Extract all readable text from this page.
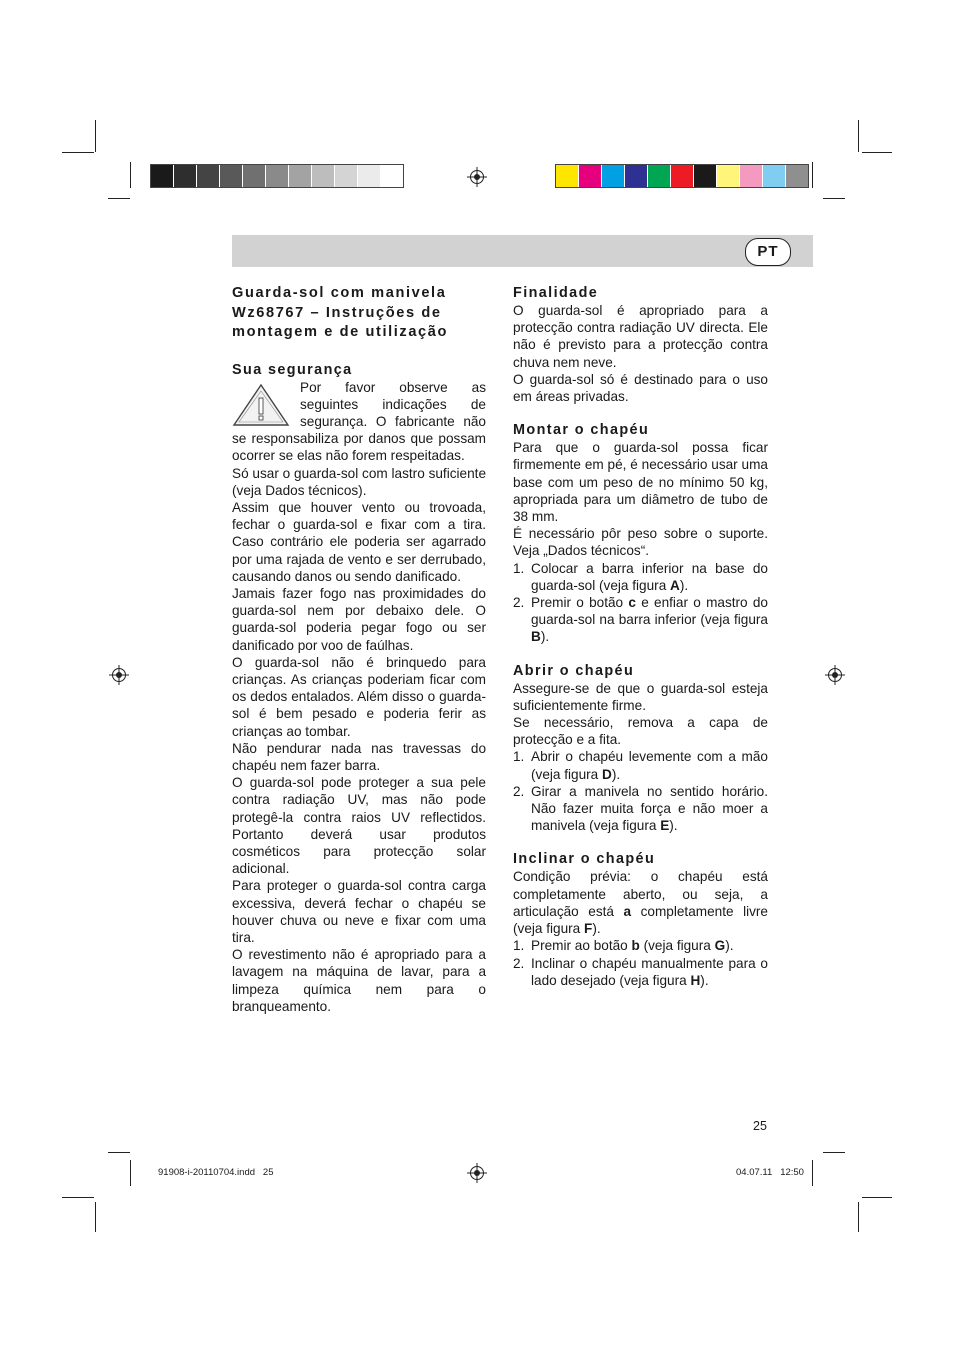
PT
Guarda-sol com manivela
Wz68767 – Instruções de
montagem e de utilização
Sua segurança

Por favor observe as seguintes indicações de segurança. O fabricante não se responsabiliza por danos que possam ocorrer se elas não forem respeitadas.

Só usar o guarda-sol com lastro suficiente (veja Dados técnicos).

Assim que houver vento ou trovoada, fechar o guarda-sol e fixar com a tira. Caso contrário ele poderia ser agarrado por uma rajada de vento e ser derrubado, causando danos ou sendo danificado.

Jamais fazer fogo nas proximidades do guarda-sol nem por debaixo dele. O guarda-sol poderia pegar fogo ou ser danificado por voo de faúlhas.

O guarda-sol não é brinquedo para crianças. As crianças poderiam ficar com os dedos entalados. Além disso o guarda-sol é bem pesado e poderia ferir as crianças ao tombar.

Não pendurar nada nas travessas do chapéu nem fazer barra.

O guarda-sol pode proteger a sua pele contra radiação UV, mas não pode protegê-la contra raios UV reflectidos. Portanto deverá usar produtos cosméticos para protecção solar adicional.

Para proteger o guarda-sol contra carga excessiva, deverá fechar o chapéu se houver chuva ou neve e fixar com uma tira.

O revestimento não é apropriado para a lavagem na máquina de lavar, para a limpeza química nem para o branqueamento.

Finalidade

O guarda-sol é apropriado para a protecção contra radiação UV directa. Ele não é previsto para a protecção contra chuva nem neve.

O guarda-sol só é destinado para o uso em áreas privadas.

Montar o chapéu

Para que o guarda-sol possa ficar firmemente em pé, é necessário usar uma base com um peso de no mínimo 50 kg, apropriada para um diâmetro de tubo de 38 mm.

É necessário pôr peso sobre o suporte. Veja „Dados técnicos“.

1. Colocar a barra inferior na base do guarda-sol (veja figura A).
2. Premir o botão c e enfiar o mastro do guarda-sol na barra inferior (veja figura B).
Abrir o chapéu

Assegure-se de que o guarda-sol esteja suficientemente firme.

Se necessário, remova a capa de protecção e a fita.

1. Abrir o chapéu levemente com a mão (veja figura D).
2. Girar a manivela no sentido horário. Não fazer muita força e não moer a manivela (veja figura E).
Inclinar o chapéu

Condição prévia: o chapéu está completamente aberto, ou seja, a articulação está a completamente livre (veja figura F).

1. Premir ao botão b (veja figura G).
2. Inclinar o chapéu manualmente para o lado desejado (veja figura H).
25
91908-i-20110704.indd   25	04.07.11   12:50
